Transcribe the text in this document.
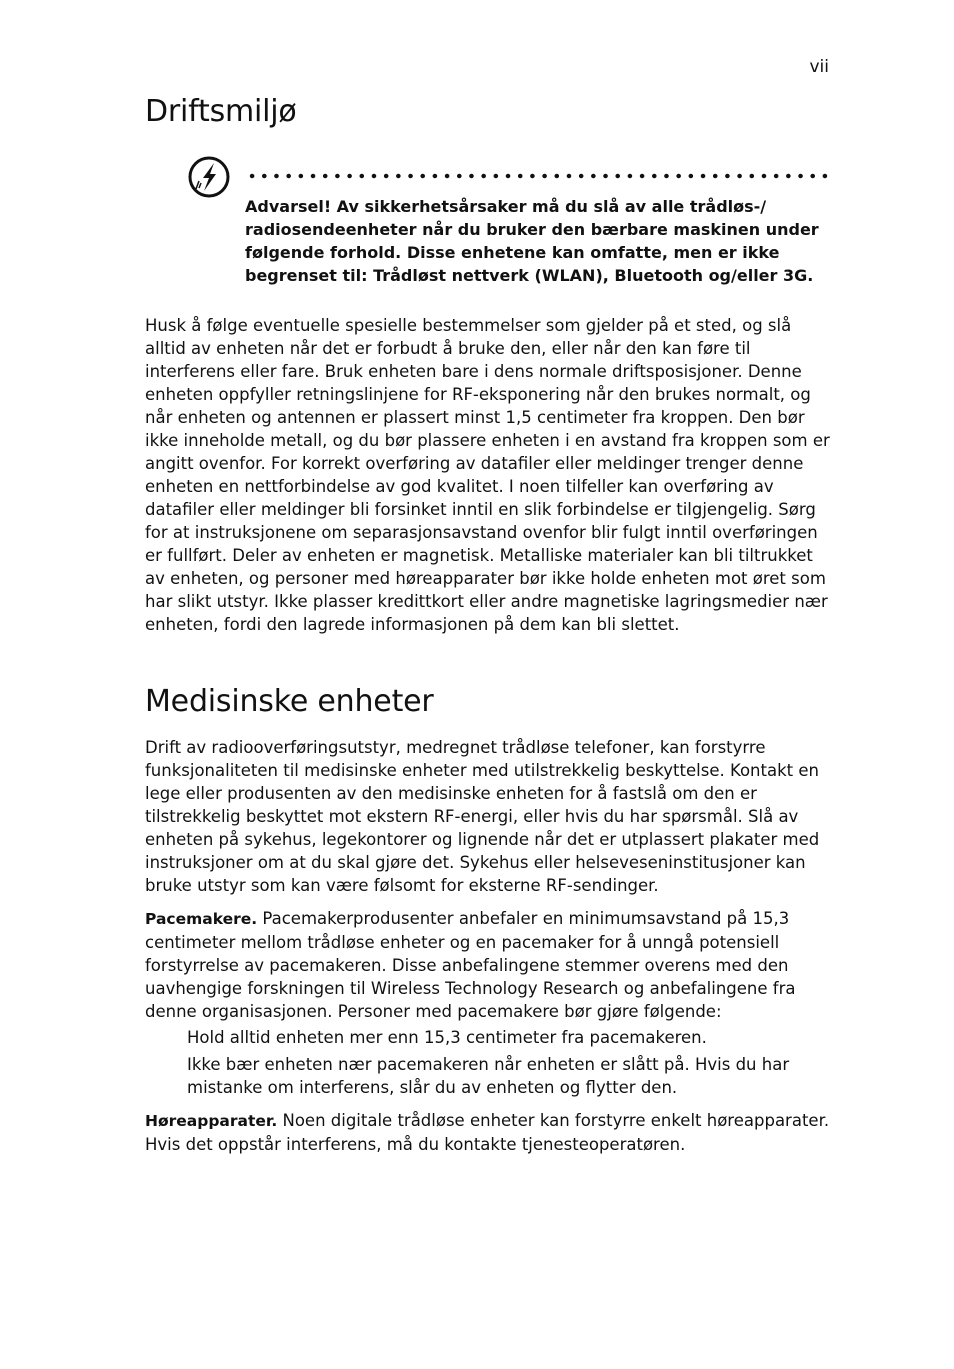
vii
Driftsmiljø

Advarsel! Av sikkerhetsårsaker må du slå av alle trådløs-/ radiosendeenheter når du bruker den bærbare maskinen under følgende forhold. Disse enhetene kan omfatte, men er ikke begrenset til: Trådløst nettverk (WLAN), Bluetooth og/eller 3G.

Husk å følge eventuelle spesielle bestemmelser som gjelder på et sted, og slå alltid av enheten når det er forbudt å bruke den, eller når den kan føre til interferens eller fare. Bruk enheten bare i dens normale driftsposisjoner. Denne enheten oppfyller retningslinjene for RF-eksponering når den brukes normalt, og når enheten og antennen er plassert minst 1,5 centimeter fra kroppen. Den bør ikke inneholde metall, og du bør plassere enheten i en avstand fra kroppen som er angitt ovenfor. For korrekt overføring av datafiler eller meldinger trenger denne enheten en nettforbindelse av god kvalitet. I noen tilfeller kan overføring av datafiler eller meldinger bli forsinket inntil en slik forbindelse er tilgjengelig. Sørg for at instruksjonene om separasjonsavstand ovenfor blir fulgt inntil overføringen er fullført. Deler av enheten er magnetisk. Metalliske materialer kan bli tiltrukket av enheten, og personer med høreapparater bør ikke holde enheten mot øret som har slikt utstyr. Ikke plasser kredittkort eller andre magnetiske lagringsmedier nær enheten, fordi den lagrede informasjonen på dem kan bli slettet.

Medisinske enheter

Drift av radiooverføringsutstyr, medregnet trådløse telefoner, kan forstyrre funksjonaliteten til medisinske enheter med utilstrekkelig beskyttelse. Kontakt en lege eller produsenten av den medisinske enheten for å fastslå om den er tilstrekkelig beskyttet mot ekstern RF-energi, eller hvis du har spørsmål. Slå av enheten på sykehus, legekontorer og lignende når det er utplassert plakater med instruksjoner om at du skal gjøre det. Sykehus eller helseveseninstitusjoner kan bruke utstyr som kan være følsomt for eksterne RF-sendinger.

Pacemakere. Pacemakerprodusenter anbefaler en minimumsavstand på 15,3 centimeter mellom trådløse enheter og en pacemaker for å unngå potensiell forstyrrelse av pacemakeren. Disse anbefalingene stemmer overens med den uavhengige forskningen til Wireless Technology Research og anbefalingene fra denne organisasjonen. Personer med pacemakere bør gjøre følgende:

Hold alltid enheten mer enn 15,3 centimeter fra pacemakeren.

Ikke bær enheten nær pacemakeren når enheten er slått på. Hvis du har mistanke om interferens, slår du av enheten og flytter den.

Høreapparater. Noen digitale trådløse enheter kan forstyrre enkelt høreapparater. Hvis det oppstår interferens, må du kontakte tjenesteoperatøren.
